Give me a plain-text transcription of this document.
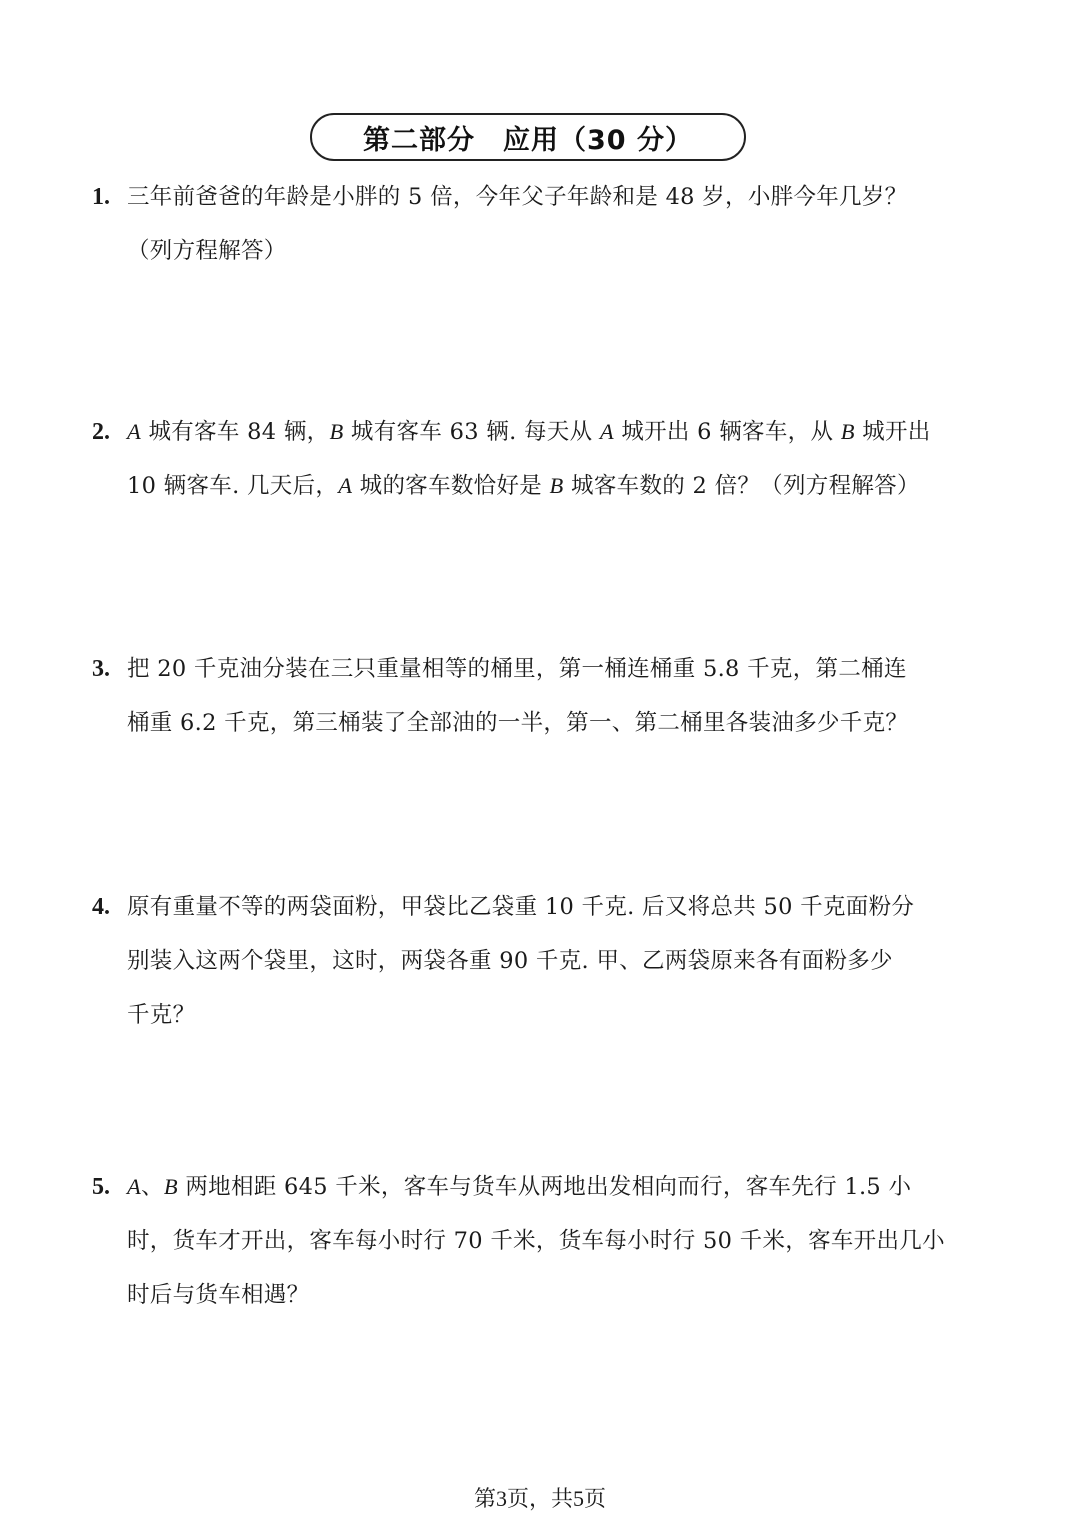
第二部分　应用（30 分）
1. 三年前爸爸的年龄是小胖的 5 倍，今年父子年龄和是 48 岁，小胖今年几岁？
（列方程解答）
2. A 城有客车 84 辆，B 城有客车 63 辆. 每天从 A 城开出 6 辆客车，从 B 城开出
10 辆客车. 几天后，A 城的客车数恰好是 B 城客车数的 2 倍？（列方程解答）
3. 把 20 千克油分装在三只重量相等的桶里，第一桶连桶重 5.8 千克，第二桶连
桶重 6.2 千克，第三桶装了全部油的一半，第一、第二桶里各装油多少千克？
4. 原有重量不等的两袋面粉，甲袋比乙袋重 10 千克. 后又将总共 50 千克面粉分
别装入这两个袋里，这时，两袋各重 90 千克. 甲、乙两袋原来各有面粉多少
千克？
5. A、B 两地相距 645 千米，客车与货车从两地出发相向而行，客车先行 1.5 小
时，货车才开出，客车每小时行 70 千米，货车每小时行 50 千米，客车开出几小
时后与货车相遇？
第3页，共5页
